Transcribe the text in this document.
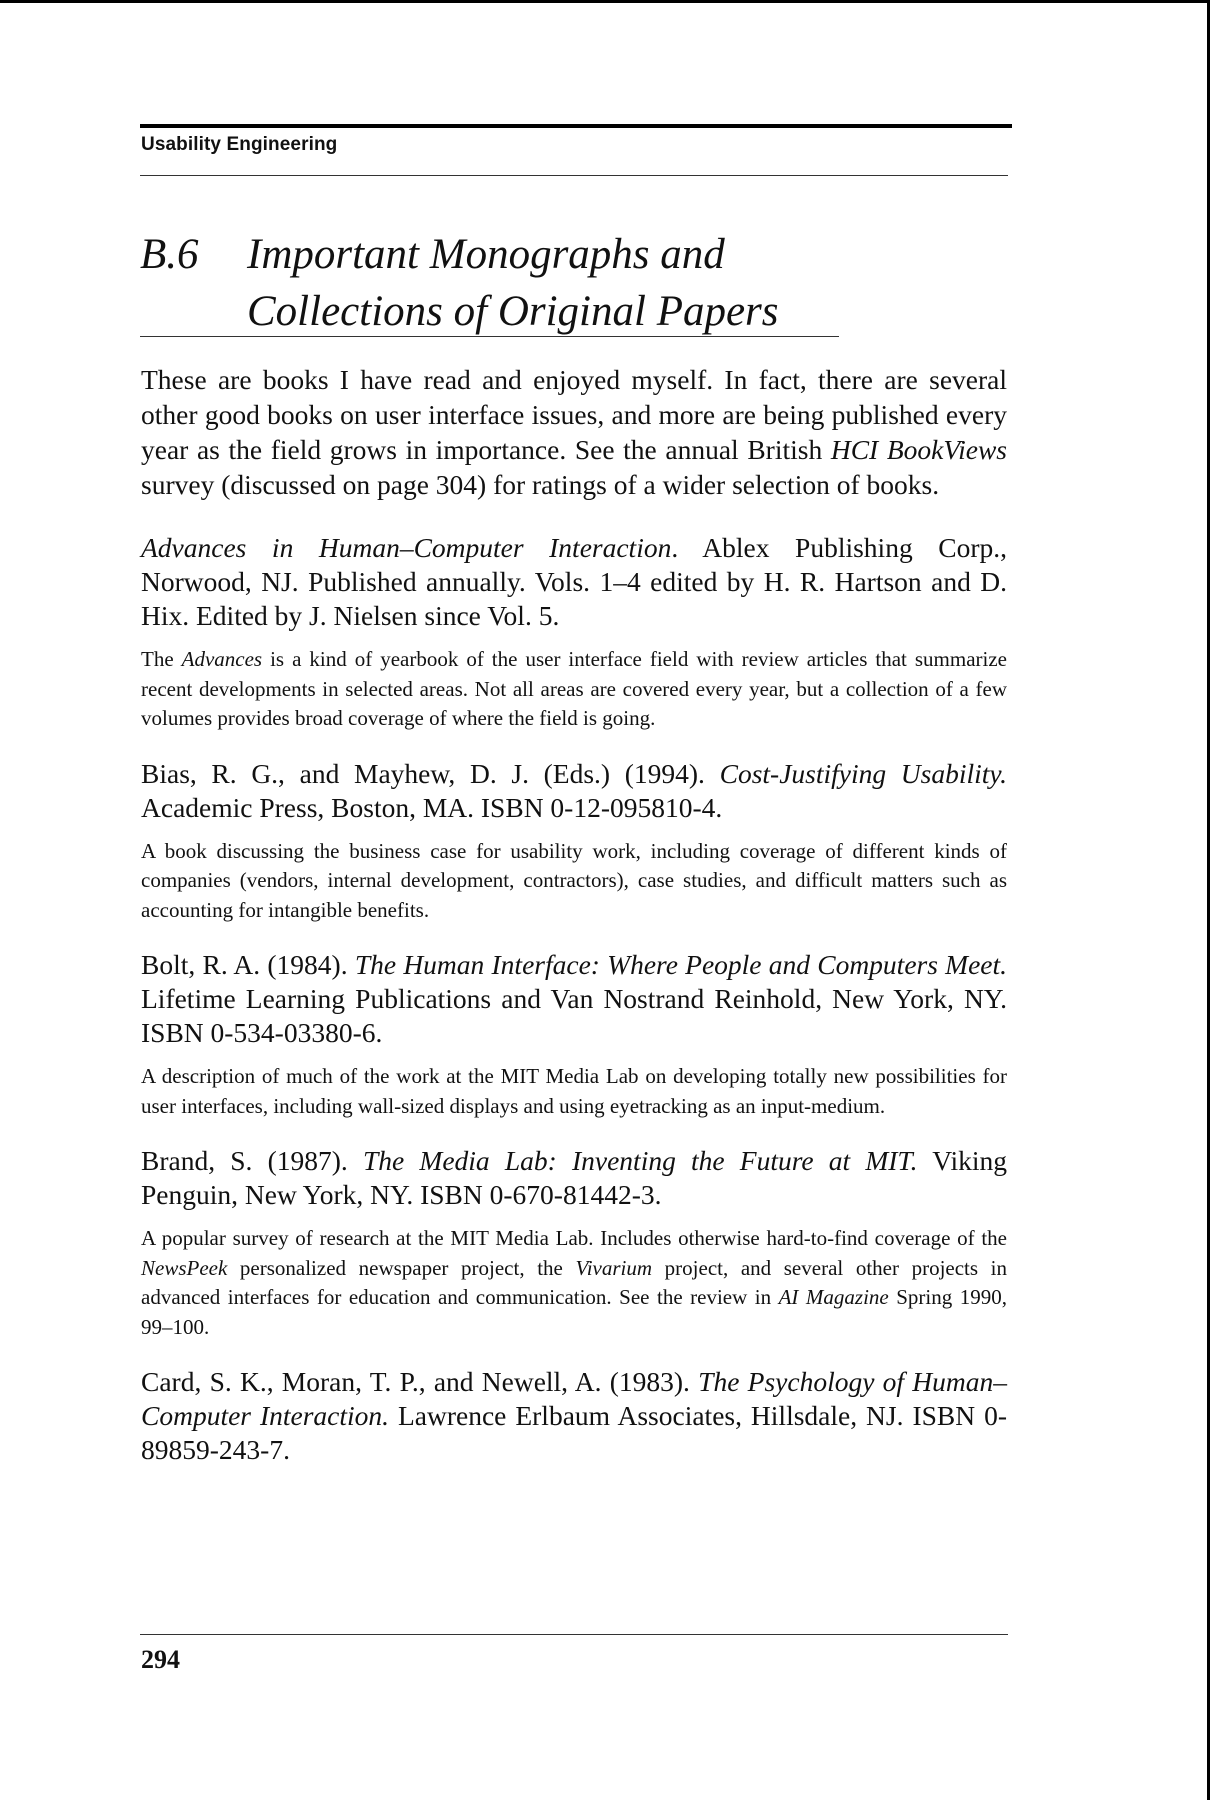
Usability Engineering
B.6 Important Monographs and
Collections of Original Papers

These are books I have read and enjoyed myself. In fact, there are several other good books on user interface issues, and more are being published every year as the field grows in importance. See the annual British HCI BookViews survey (discussed on page 304) for ratings of a wider selection of books.

Advances in Human–Computer Interaction. Ablex Publishing Corp., Norwood, NJ. Published annually. Vols. 1–4 edited by H. R. Hartson and D. Hix. Edited by J. Nielsen since Vol. 5.

The Advances is a kind of yearbook of the user interface field with review articles that summarize recent developments in selected areas. Not all areas are covered every year, but a collection of a few volumes provides broad coverage of where the field is going.

Bias, R. G., and Mayhew, D. J. (Eds.) (1994). Cost-Justifying Usability. Academic Press, Boston, MA. ISBN 0-12-095810-4.

A book discussing the business case for usability work, including coverage of different kinds of companies (vendors, internal development, contractors), case studies, and difficult matters such as accounting for intangible benefits.

Bolt, R. A. (1984). The Human Interface: Where People and Computers Meet. Lifetime Learning Publications and Van Nostrand Reinhold, New York, NY. ISBN 0-534-03380-6.

A description of much of the work at the MIT Media Lab on developing totally new possibilities for user interfaces, including wall-sized displays and using eyetracking as an input-medium.

Brand, S. (1987). The Media Lab: Inventing the Future at MIT. Viking Penguin, New York, NY. ISBN 0-670-81442-3.

A popular survey of research at the MIT Media Lab. Includes otherwise hard-to-find coverage of the NewsPeek personalized newspaper project, the Vivarium project, and several other projects in advanced interfaces for education and communication. See the review in AI Magazine Spring 1990, 99–100.

Card, S. K., Moran, T. P., and Newell, A. (1983). The Psychology of Human–Computer Interaction. Lawrence Erlbaum Associates, Hillsdale, NJ. ISBN 0-89859-243-7.

294
